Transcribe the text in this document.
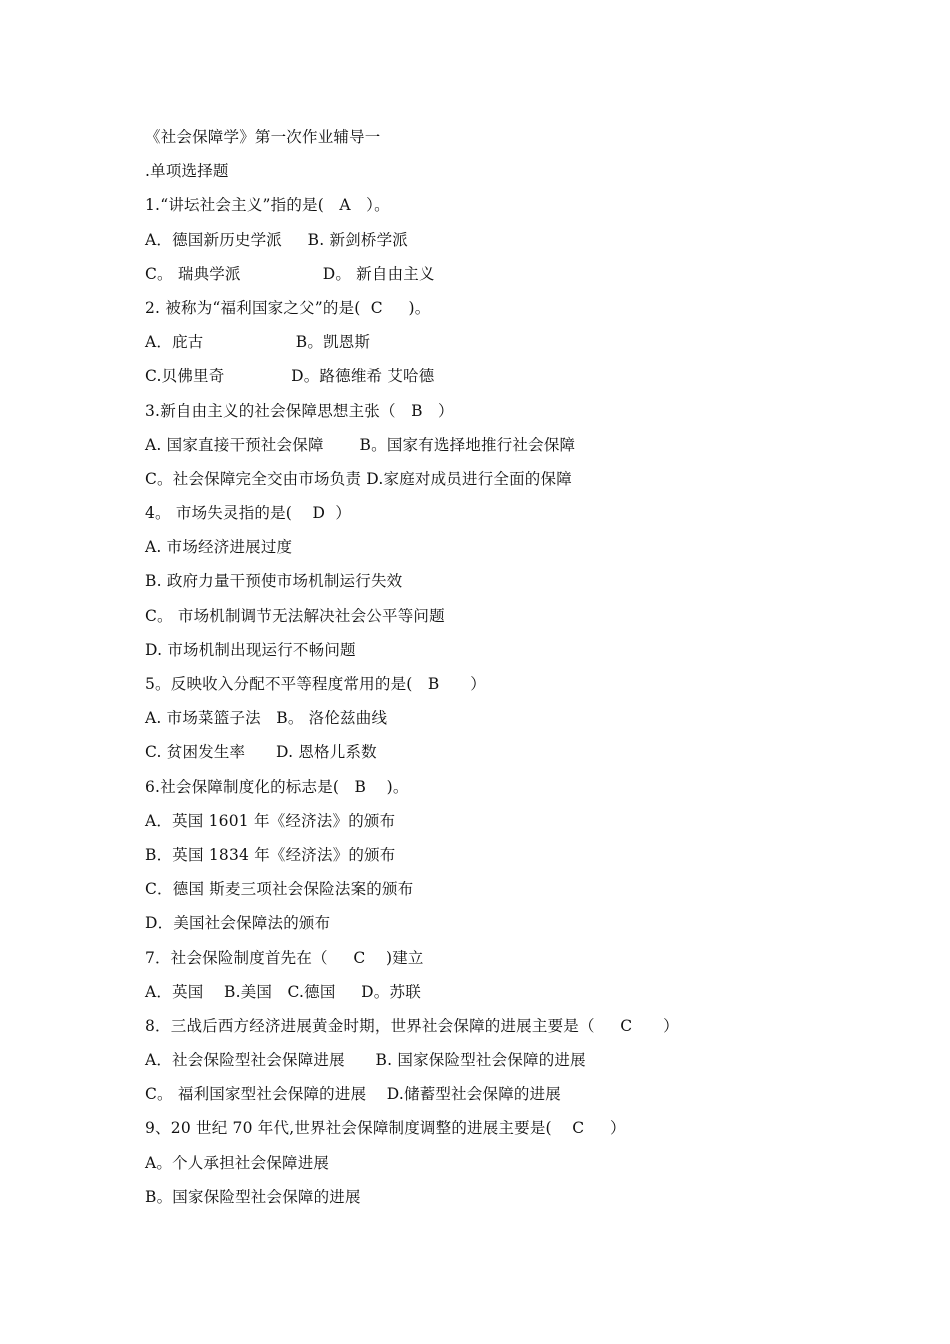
《社会保障学》第一次作业辅导一
.单项选择题
1.“讲坛社会主义”指的是(   A   ）。
A．德国新历史学派     B. 新剑桥学派
C。 瑞典学派                D。 新自由主义
2. 被称为“福利国家之父”的是(  C     )。
A．庇古                  B。凯恩斯
C.贝佛里奇             D。路德维希 艾哈德
3.新自由主义的社会保障思想主张（   B   ）
A. 国家直接干预社会保障       B。国家有选择地推行社会保障
C。社会保障完全交由市场负责 D.家庭对成员进行全面的保障
4。 市场失灵指的是(    D  ）
A. 市场经济进展过度
B. 政府力量干预使市场机制运行失效
C。 市场机制调节无法解决社会公平等问题
D. 市场机制出现运行不畅问题
5。反映收入分配不平等程度常用的是(   B      ）
A. 市场菜篮子法   B。 洛伦兹曲线
C. 贫困发生率      D. 恩格儿系数
6.社会保障制度化的标志是(   B    )。
A．英国 1601 年《经济法》的颁布
B．英国 1834 年《经济法》的颁布
C．德国 斯麦三项社会保险法案的颁布
D．美国社会保障法的颁布
7．社会保险制度首先在（     C    )建立
A．英国    B.美国   C.德国     D。苏联
8．三战后西方经济进展黄金时期，世界社会保障的进展主要是（     C      ）
A．社会保险型社会保障进展      B. 国家保险型社会保障的进展
C。 福利国家型社会保障的进展    D.储蓄型社会保障的进展
9、20 世纪 70 年代,世界社会保障制度调整的进展主要是(    C     ）
A。个人承担社会保障进展
B。国家保险型社会保障的进展
